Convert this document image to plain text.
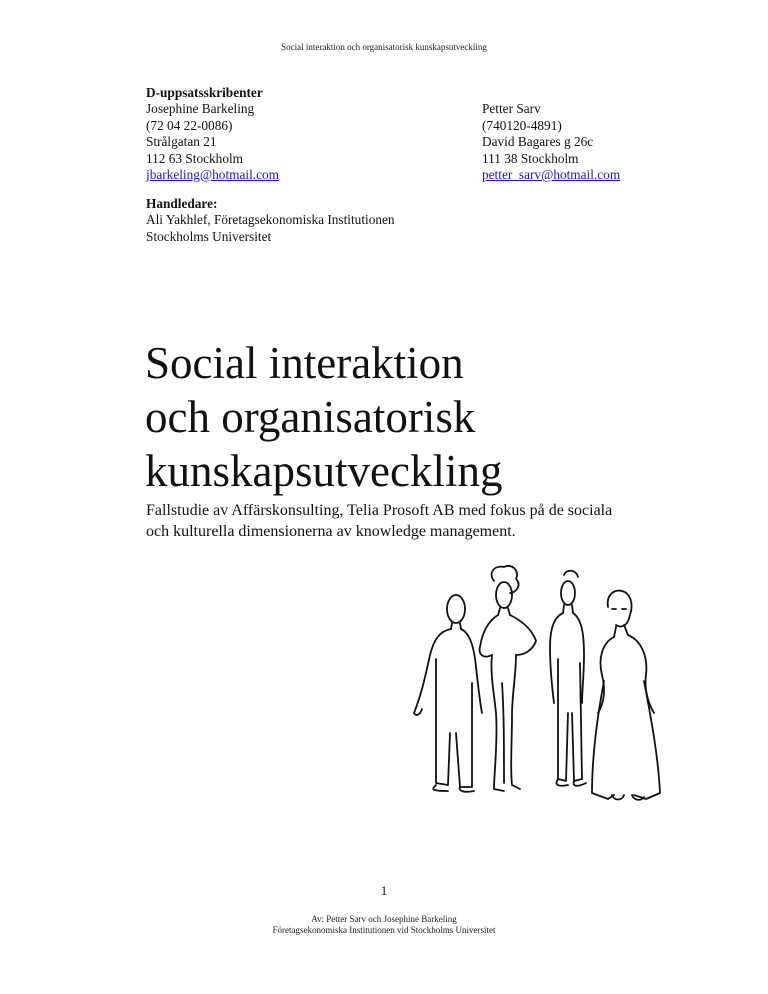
Social interaktion och organisatorisk kunskapsutveckling
D-uppsatsskribenter
Josephine Barkeling
(72 04 22-0086)
Strålgatan 21
112 63 Stockholm
jbarkeling@hotmail.com
Petter Sarv
(740120-4891)
David Bagares g 26c
111 38 Stockholm
petter_sarv@hotmail.com
Handledare:
Ali Yakhlef, Företagsekonomiska Institutionen
Stockholms Universitet
Social interaktion
och organisatorisk
kunskapsutveckling
Fallstudie av Affärskonsulting, Telia Prosoft AB med fokus på de sociala
och kulturella dimensionerna av knowledge management.
1
Av: Petter Sarv och Josephine Barkeling
Företagsekonomiska Institutionen vid Stockholms Universitet
